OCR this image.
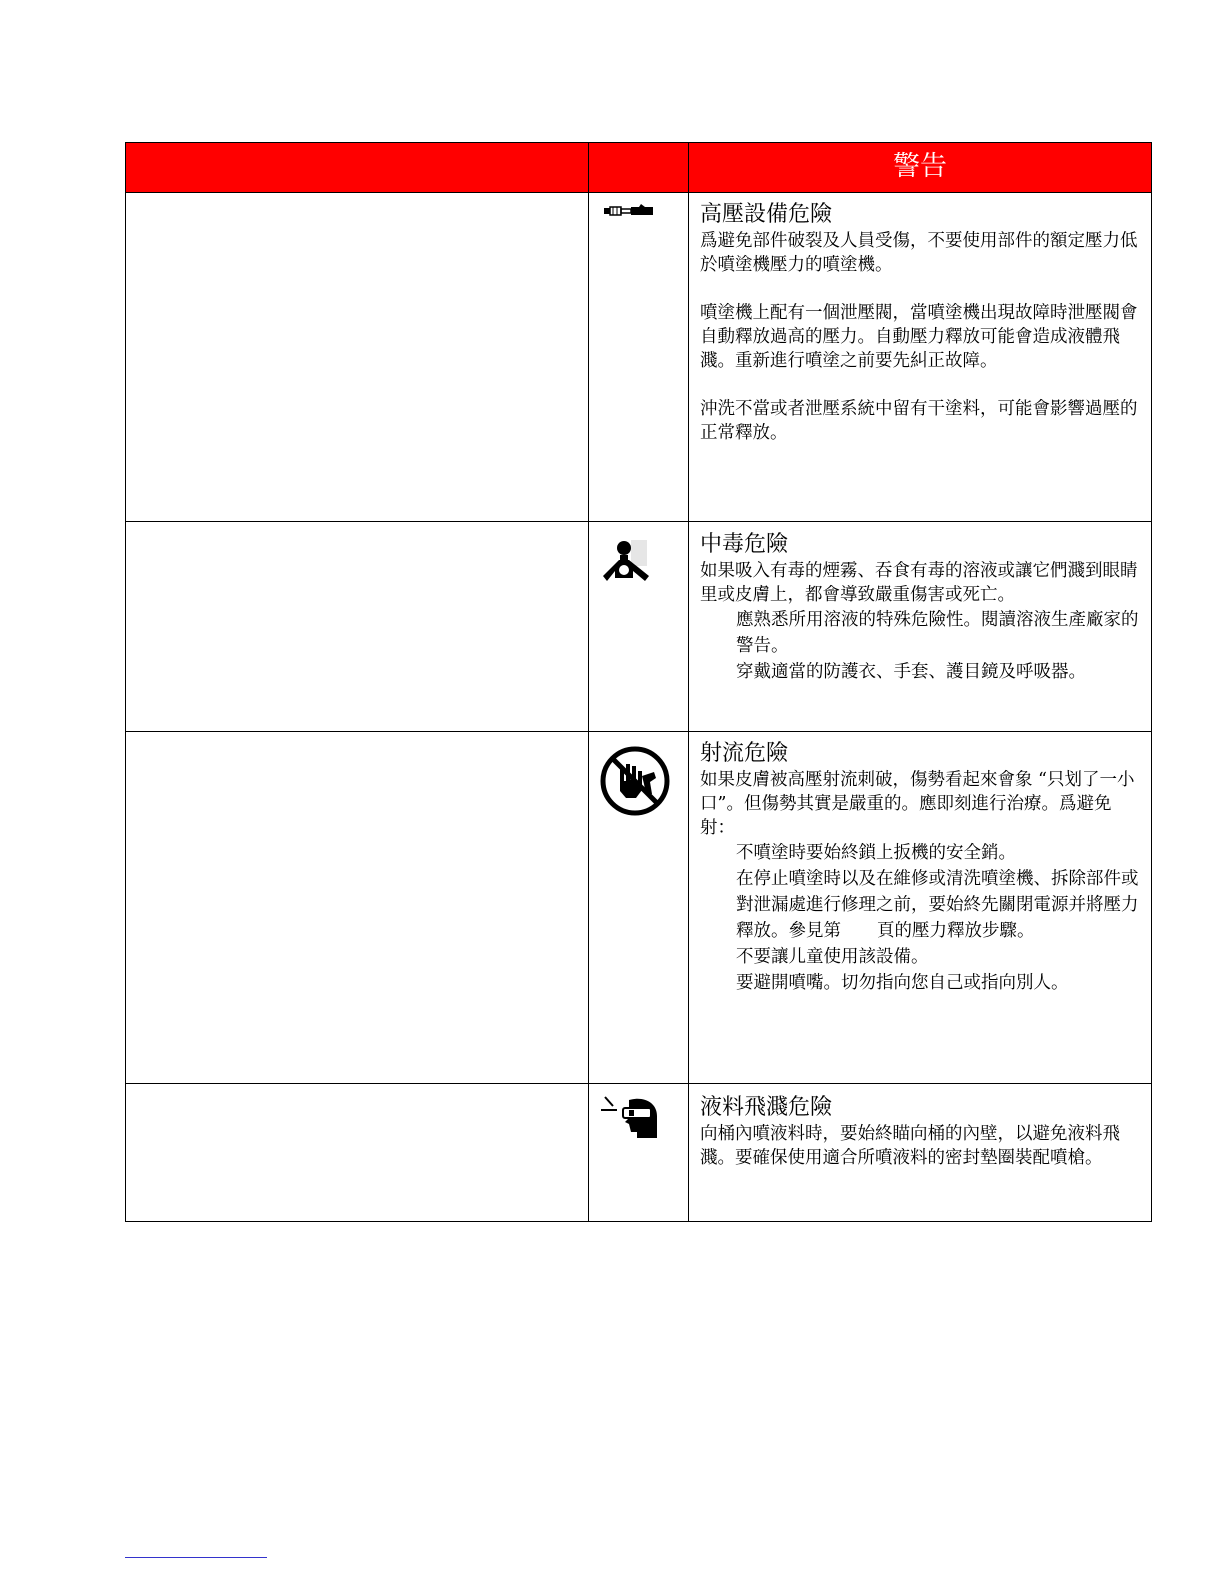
警告
高壓設備危險

爲避免部件破裂及人員受傷，不要使用部件的額定壓力低於噴塗機壓力的噴塗機。

噴塗機上配有一個泄壓閥，當噴塗機出現故障時泄壓閥會自動釋放過高的壓力。自動壓力釋放可能會造成液體飛濺。重新進行噴塗之前要先糾正故障。

沖洗不當或者泄壓系統中留有干塗料，可能會影響過壓的正常釋放。

中毒危險

如果吸入有毒的煙霧、吞食有毒的溶液或讓它們濺到眼睛里或皮膚上，都會導致嚴重傷害或死亡。

應熟悉所用溶液的特殊危險性。閱讀溶液生產廠家的警告。

穿戴適當的防護衣、手套、護目鏡及呼吸器。

射流危險

如果皮膚被高壓射流刺破，傷勢看起來會象 “只划了一小口”。但傷勢其實是嚴重的。應即刻進行治療。爲避免射：

不噴塗時要始終鎖上扳機的安全銷。

在停止噴塗時以及在維修或清洗噴塗機、拆除部件或對泄漏處進行修理之前，要始終先關閉電源并將壓力釋放。參見第 頁的壓力釋放步驟。

不要讓儿童使用該設備。

要避開噴嘴。切勿指向您自己或指向別人。

液料飛濺危險

向桶內噴液料時，要始終瞄向桶的內壁，以避免液料飛濺。要確保使用適合所噴液料的密封墊圈裝配噴槍。
